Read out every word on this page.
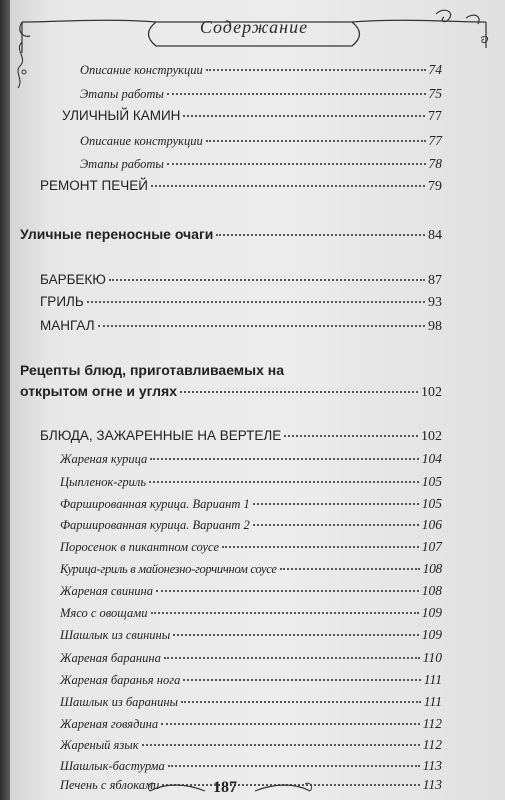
Содержание
Описание конструкции	74
Этапы работы	75
УЛИЧНЫЙ КАМИН	77
Описание конструкции	77
Этапы работы	78
РЕМОНТ ПЕЧЕЙ	79
Уличные переносные очаги	84
БАРБЕКЮ	87
ГРИЛЬ	93
МАНГАЛ	98
Рецепты блюд, приготавливаемых на
открытом огне и углях	102
БЛЮДА, ЗАЖАРЕННЫЕ НА ВЕРТЕЛЕ	102
Жареная курица	104
Цыпленок-гриль	105
Фаршированная курица. Вариант 1	105
Фаршированная курица. Вариант 2	106
Поросенок в пикантном соусе	107
Курица-гриль в майонезно-горчичном соусе	108
Жареная свинина	108
Мясо с овощами	109
Шашлык из свинины	109
Жареная баранина	110
Жареная баранья нога	111
Шашлык из баранины	111
Жареная говядина	112
Жареный язык	112
Шашлык-бастурма	113
Печень с яблоками	113
187
